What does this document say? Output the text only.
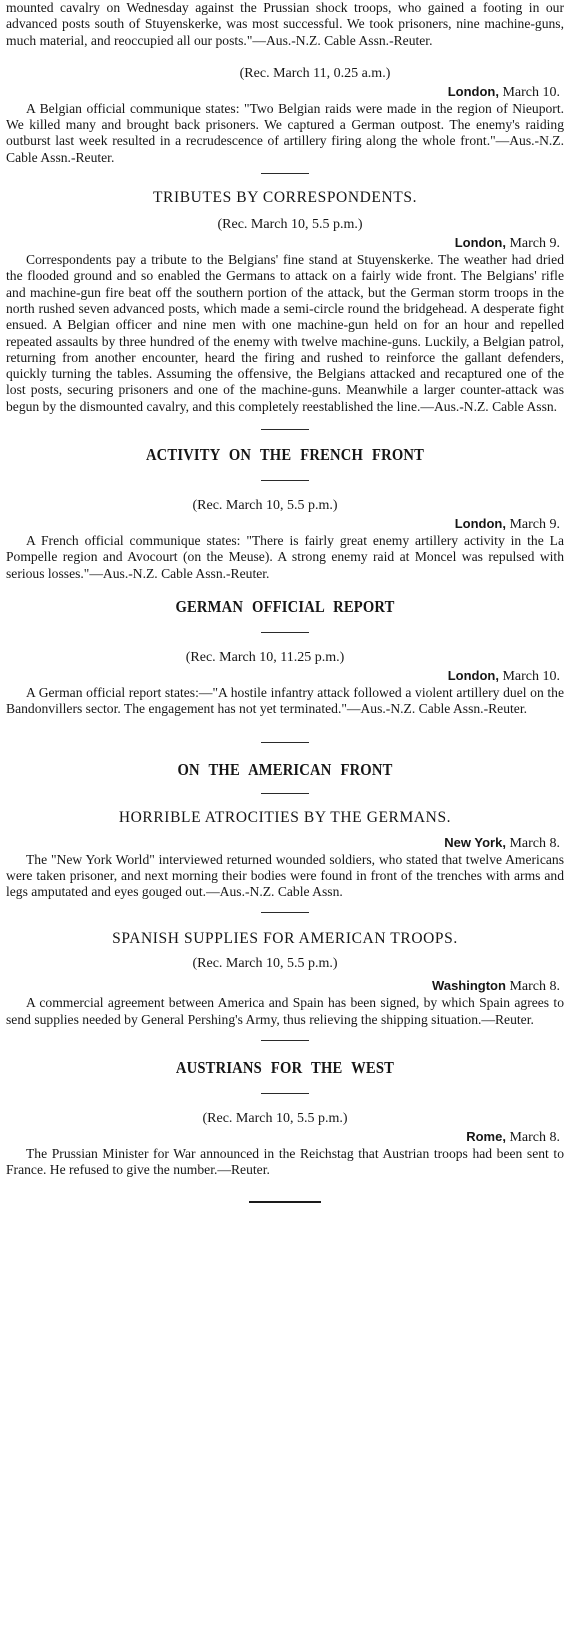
mounted cavalry on Wednesday against the Prussian shock troops, who gained a footing in our advanced posts south of Stuyenskerke, was most successful. We took prisoners, nine machine-guns, much material, and reoccupied all our posts."—Aus.-N.Z. Cable Assn.-Reuter.

(Rec. March 11, 0.25 a.m.)
London, March 10.

A Belgian official communique states: "Two Belgian raids were made in the region of Nieuport. We killed many and brought back prisoners. We captured a German outpost. The enemy's raiding outburst last week resulted in a recrudescence of artillery firing along the whole front."—Aus.-N.Z. Cable Assn.-Reuter.

TRIBUTES BY CORRESPONDENTS.
(Rec. March 10, 5.5 p.m.)
London, March 9.

Correspondents pay a tribute to the Belgians' fine stand at Stuyenskerke. The weather had dried the flooded ground and so enabled the Germans to attack on a fairly wide front. The Belgians' rifle and machine-gun fire beat off the southern portion of the attack, but the German storm troops in the north rushed seven advanced posts, which made a semi-circle round the bridgehead. A desperate fight ensued. A Belgian officer and nine men with one machine-gun held on for an hour and repelled repeated assaults by three hundred of the enemy with twelve machine-guns. Luckily, a Belgian patrol, returning from another encounter, heard the firing and rushed to reinforce the gallant defenders, quickly turning the tables. Assuming the offensive, the Belgians attacked and recaptured one of the lost posts, securing prisoners and one of the machine-guns. Meanwhile a larger counter-attack was begun by the dismounted cavalry, and this completely reestablished the line.—Aus.-N.Z. Cable Assn.

ACTIVITY ON THE FRENCH FRONT
(Rec. March 10, 5.5 p.m.)
London, March 9.

A French official communique states: "There is fairly great enemy artillery activity in the La Pompelle region and Avocourt (on the Meuse). A strong enemy raid at Moncel was repulsed with serious losses."—Aus.-N.Z. Cable Assn.-Reuter.

GERMAN OFFICIAL REPORT
(Rec. March 10, 11.25 p.m.)
London, March 10.

A German official report states:—"A hostile infantry attack followed a violent artillery duel on the Bandonvillers sector. The engagement has not yet terminated."—Aus.-N.Z. Cable Assn.-Reuter.

ON THE AMERICAN FRONT
HORRIBLE ATROCITIES BY THE GERMANS.
New York, March 8.

The "New York World" interviewed returned wounded soldiers, who stated that twelve Americans were taken prisoner, and next morning their bodies were found in front of the trenches with arms and legs amputated and eyes gouged out.—Aus.-N.Z. Cable Assn.

SPANISH SUPPLIES FOR AMERICAN TROOPS.
(Rec. March 10, 5.5 p.m.)
Washington March 8.

A commercial agreement between America and Spain has been signed, by which Spain agrees to send supplies needed by General Pershing's Army, thus relieving the shipping situation.—Reuter.

AUSTRIANS FOR THE WEST
(Rec. March 10, 5.5 p.m.)
Rome, March 8.

The Prussian Minister for War announced in the Reichstag that Austrian troops had been sent to France. He refused to give the number.—Reuter.
